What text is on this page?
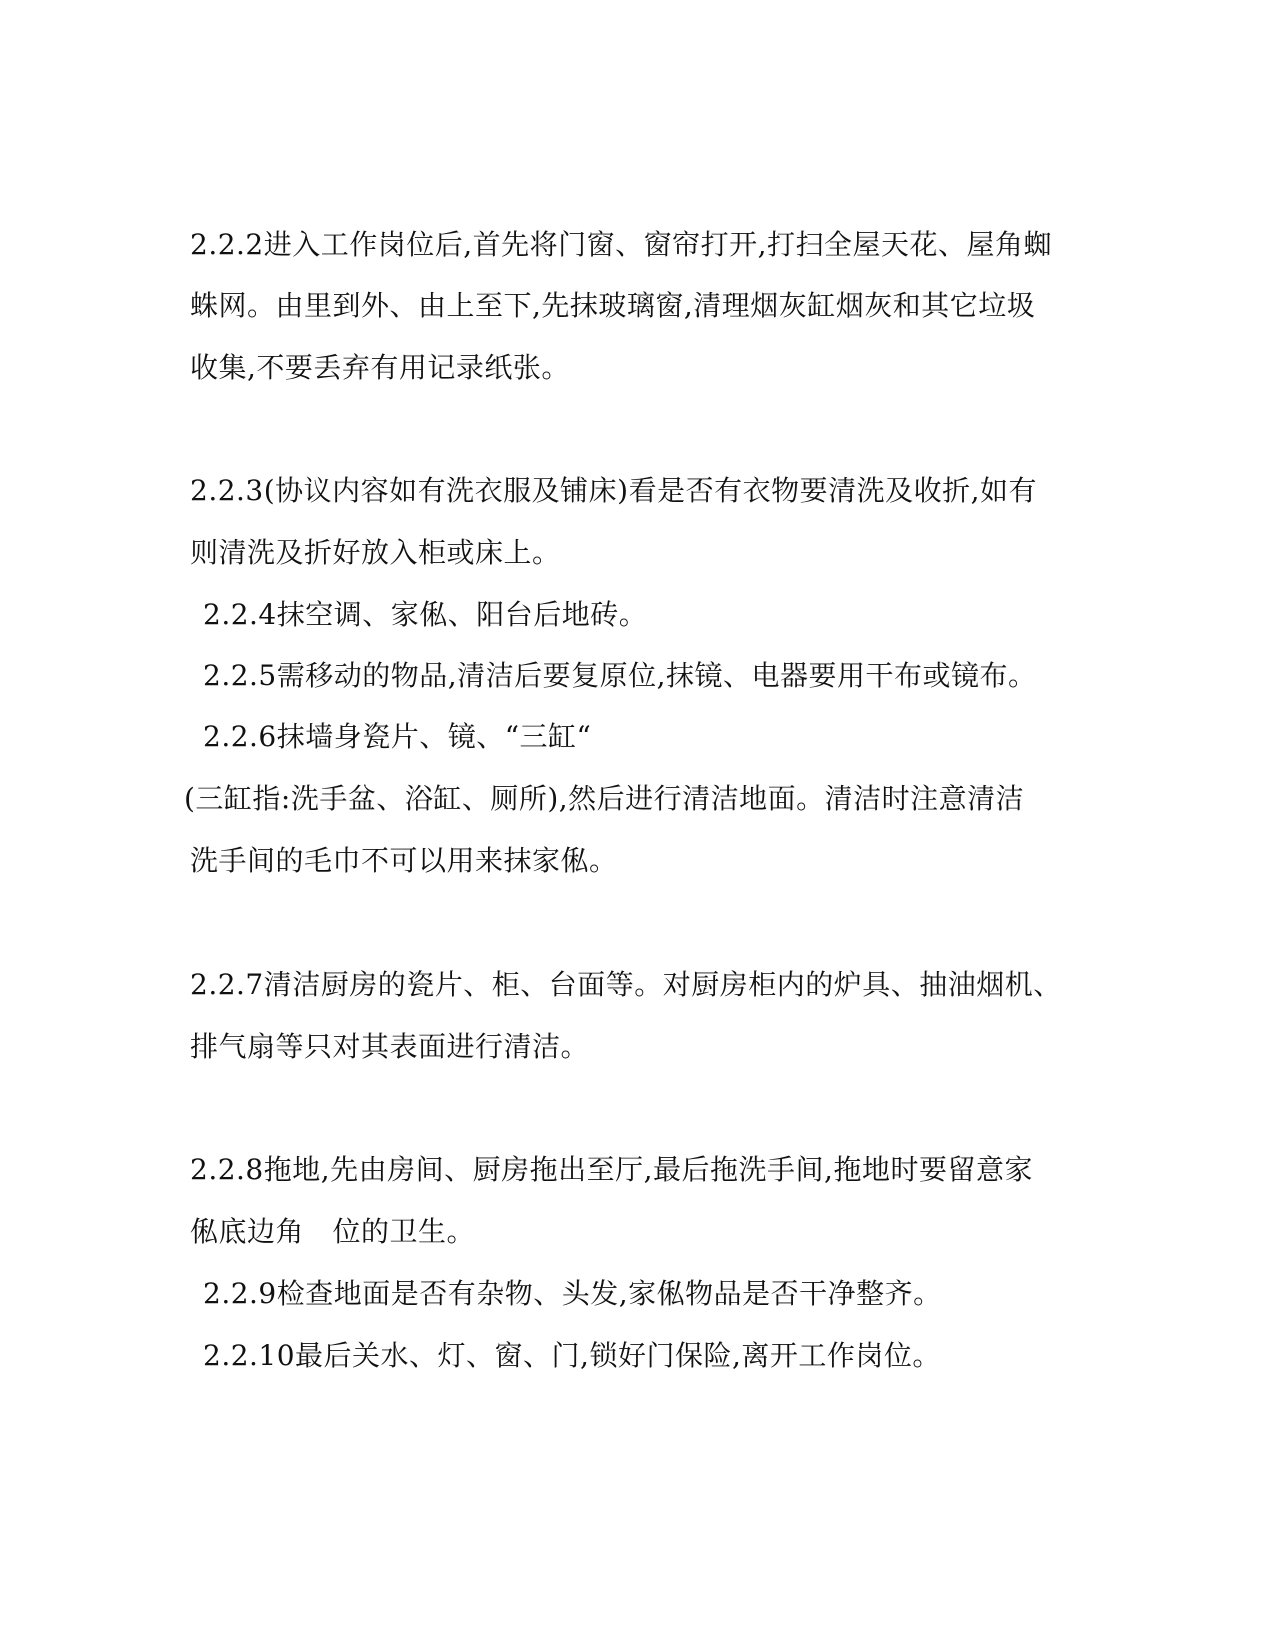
2.2.2进入工作岗位后,首先将门窗、窗帘打开,打扫全屋天花、屋角蜘
蛛网。由里到外、由上至下,先抹玻璃窗,清理烟灰缸烟灰和其它垃圾
收集,不要丢弃有用记录纸张。
2.2.3(协议内容如有洗衣服及铺床)看是否有衣物要清洗及收折,如有
则清洗及折好放入柜或床上。
2.2.4抹空调、家俬、阳台后地砖。
2.2.5需移动的物品,清洁后要复原位,抹镜、电器要用干布或镜布。
2.2.6抹墙身瓷片、镜、“三缸“
(三缸指:洗手盆、浴缸、厕所),然后进行清洁地面。清洁时注意清洁
洗手间的毛巾不可以用来抹家俬。
2.2.7清洁厨房的瓷片、柜、台面等。对厨房柜内的炉具、抽油烟机、
排气扇等只对其表面进行清洁。
2.2.8拖地,先由房间、厨房拖出至厅,最后拖洗手间,拖地时要留意家
俬底边角　位的卫生。
2.2.9检查地面是否有杂物、头发,家俬物品是否干净整齐。
2.2.10最后关水、灯、窗、门,锁好门保险,离开工作岗位。
